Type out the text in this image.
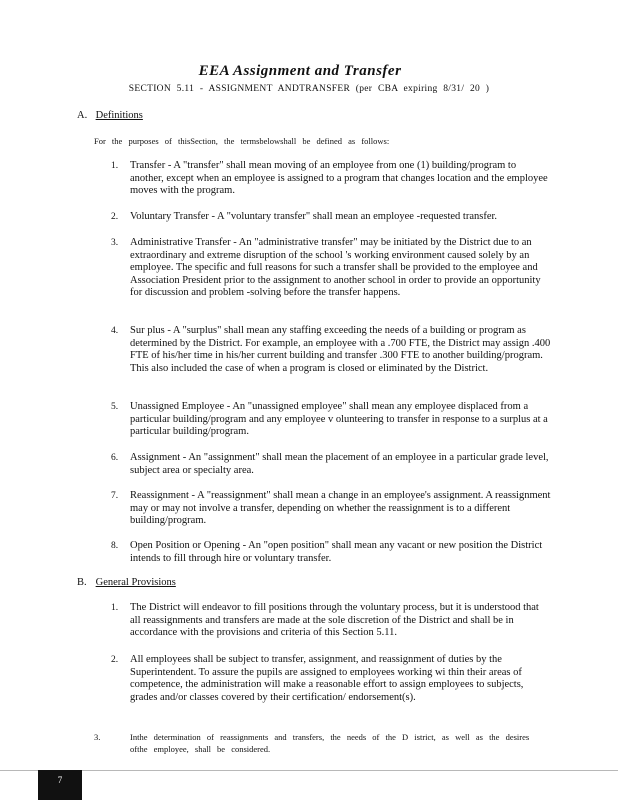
EEA Assignment and Transfer
SECTION 5.11 - ASSIGNMENT ANDTRANSFER (per CBA expiring 8/31/ 20 )
A. Definitions
For the purposes of thisSection, the termsbelowshall be defined as follows:
1.	Transfer - A "transfer" shall mean moving of an employee from one (1) building/program to another, except when an employee is assigned to a program that changes location and the employee moves with the program.
2.	Voluntary Transfer - A "voluntary transfer" shall mean an employee -requested transfer.
3.	Administrative Transfer - An "administrative transfer" may be initiated by the District due to an extraordinary and extreme disruption of the school 's working environment caused solely by an employee. The specific and full reasons for such a transfer shall be provided to the employee and Association President prior to the assignment to another school in order to provide an opportunity for discussion and problem -solving before the transfer happens.
4.	Sur plus - A "surplus" shall mean any staffing exceeding the needs of a building or program as determined by the District. For example, an employee with a .700 FTE, the District may assign .400 FTE of his/her time in his/her current building and transfer .300 FTE to another building/program. This also included the case of when a program is closed or eliminated by the District.
5.	Unassigned Employee - An "unassigned employee" shall mean any employee displaced from a particular building/program and any employee v olunteering to transfer in response to a surplus at a particular building/program.
6.	Assignment - An "assignment" shall mean the placement of an employee in a particular grade level, subject area or specialty area.
7.	Reassignment - A "reassignment" shall mean a change in an employee's assignment. A reassignment may or may not involve a transfer, depending on whether the reassignment is to a different building/program.
8.	Open Position or Opening - An "open position" shall mean any vacant or new position the District intends to fill through hire or voluntary transfer.
B. General Provisions
1.	The District will endeavor to fill positions through the voluntary process, but it is understood that all reassignments and transfers are made at the sole discretion of the District and shall be in accordance with the provisions and criteria of this Section 5.11.
2.	All employees shall be subject to transfer, assignment, and reassignment of duties by the Superintendent. To assure the pupils are assigned to employees working wi thin their areas of competence, the administration will make a reasonable effort to assign employees to subjects, grades and/or classes covered by their certification/ endorsement(s).
3.	Inthe determination of reassignments and transfers, the needs of the D istrict, as well as the desires ofthe employee, shall be considered.
7
